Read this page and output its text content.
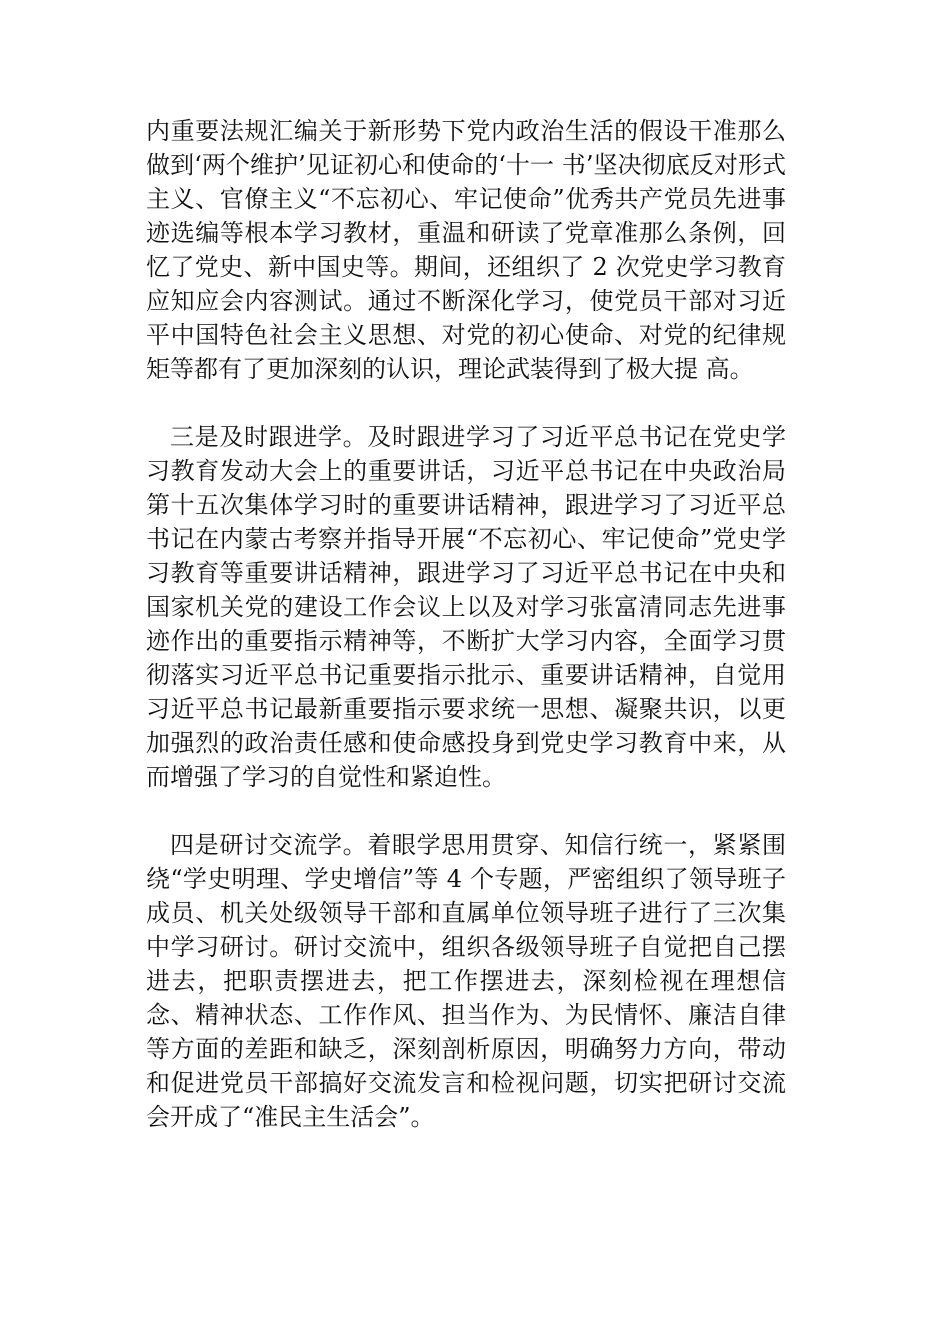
内重要法规汇编关于新形势下党内政治生活的假设干准那么做到‘两个维护’见证初心和使命的‘十一 书’坚决彻底反对形式主义、官僚主义“不忘初心、牢记使命”优秀共产党员先进事迹选编等根本学习教材，重温和研读了党章准那么条例，回忆了党史、新中国史等。期间，还组织了 2 次党史学习教育应知应会内容测试。通过不断深化学习，使党员干部对习近平中国特色社会主义思想、对党的初心使命、对党的纪律规矩等都有了更加深刻的认识，理论武装得到了极大提 高。

三是及时跟进学。及时跟进学习了习近平总书记在党史学习教育发动大会上的重要讲话，习近平总书记在中央政治局第十五次集体学习时的重要讲话精神，跟进学习了习近平总书记在内蒙古考察并指导开展“不忘初心、牢记使命”党史学习教育等重要讲话精神，跟进学习了习近平总书记在中央和国家机关党的建设工作会议上以及对学习张富清同志先进事迹作出的重要指示精神等，不断扩大学习内容，全面学习贯彻落实习近平总书记重要指示批示、重要讲话精神，自觉用习近平总书记最新重要指示要求统一思想、凝聚共识，以更加强烈的政治责任感和使命感投身到党史学习教育中来，从而增强了学习的自觉性和紧迫性。

四是研讨交流学。着眼学思用贯穿、知信行统一，紧紧围绕“学史明理、学史增信”等 4 个专题，严密组织了领导班子成员、机关处级领导干部和直属单位领导班子进行了三次集中学习研讨。研讨交流中，组织各级领导班子自觉把自己摆进去，把职责摆进去，把工作摆进去，深刻检视在理想信念、精神状态、工作作风、担当作为、为民情怀、廉洁自律等方面的差距和缺乏，深刻剖析原因，明确努力方向，带动和促进党员干部搞好交流发言和检视问题，切实把研讨交流会开成了“准民主生活会”。
